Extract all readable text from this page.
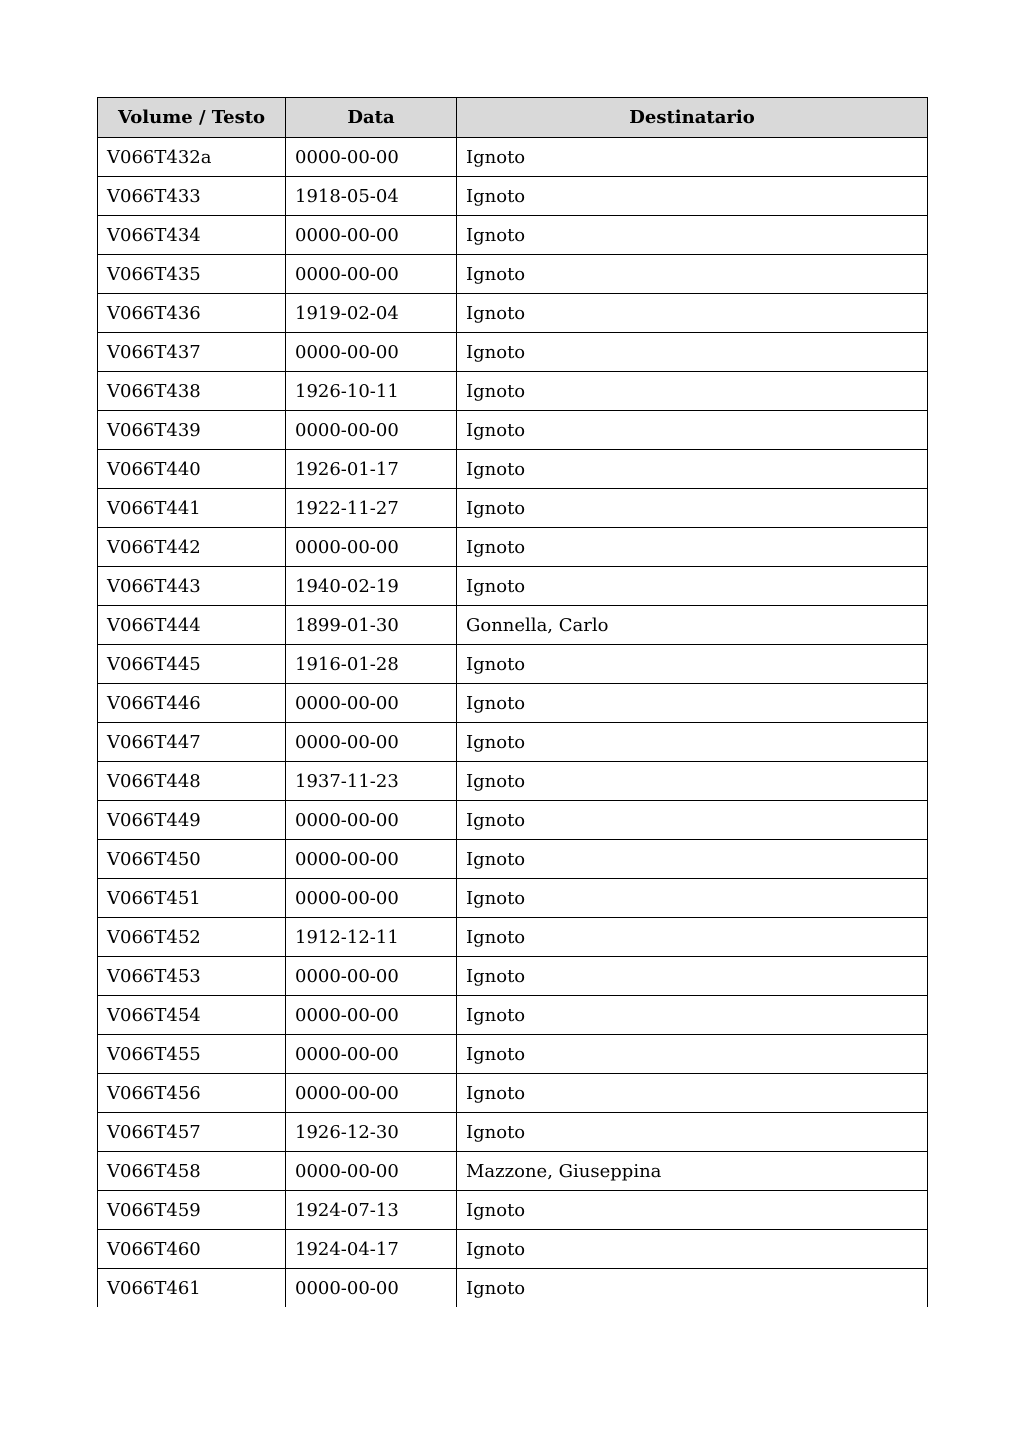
Volume / Testo	Data	Destinatario
V066T432a	0000-00-00	Ignoto
V066T433	1918-05-04	Ignoto
V066T434	0000-00-00	Ignoto
V066T435	0000-00-00	Ignoto
V066T436	1919-02-04	Ignoto
V066T437	0000-00-00	Ignoto
V066T438	1926-10-11	Ignoto
V066T439	0000-00-00	Ignoto
V066T440	1926-01-17	Ignoto
V066T441	1922-11-27	Ignoto
V066T442	0000-00-00	Ignoto
V066T443	1940-02-19	Ignoto
V066T444	1899-01-30	Gonnella, Carlo
V066T445	1916-01-28	Ignoto
V066T446	0000-00-00	Ignoto
V066T447	0000-00-00	Ignoto
V066T448	1937-11-23	Ignoto
V066T449	0000-00-00	Ignoto
V066T450	0000-00-00	Ignoto
V066T451	0000-00-00	Ignoto
V066T452	1912-12-11	Ignoto
V066T453	0000-00-00	Ignoto
V066T454	0000-00-00	Ignoto
V066T455	0000-00-00	Ignoto
V066T456	0000-00-00	Ignoto
V066T457	1926-12-30	Ignoto
V066T458	0000-00-00	Mazzone, Giuseppina
V066T459	1924-07-13	Ignoto
V066T460	1924-04-17	Ignoto
V066T461	0000-00-00	Ignoto
